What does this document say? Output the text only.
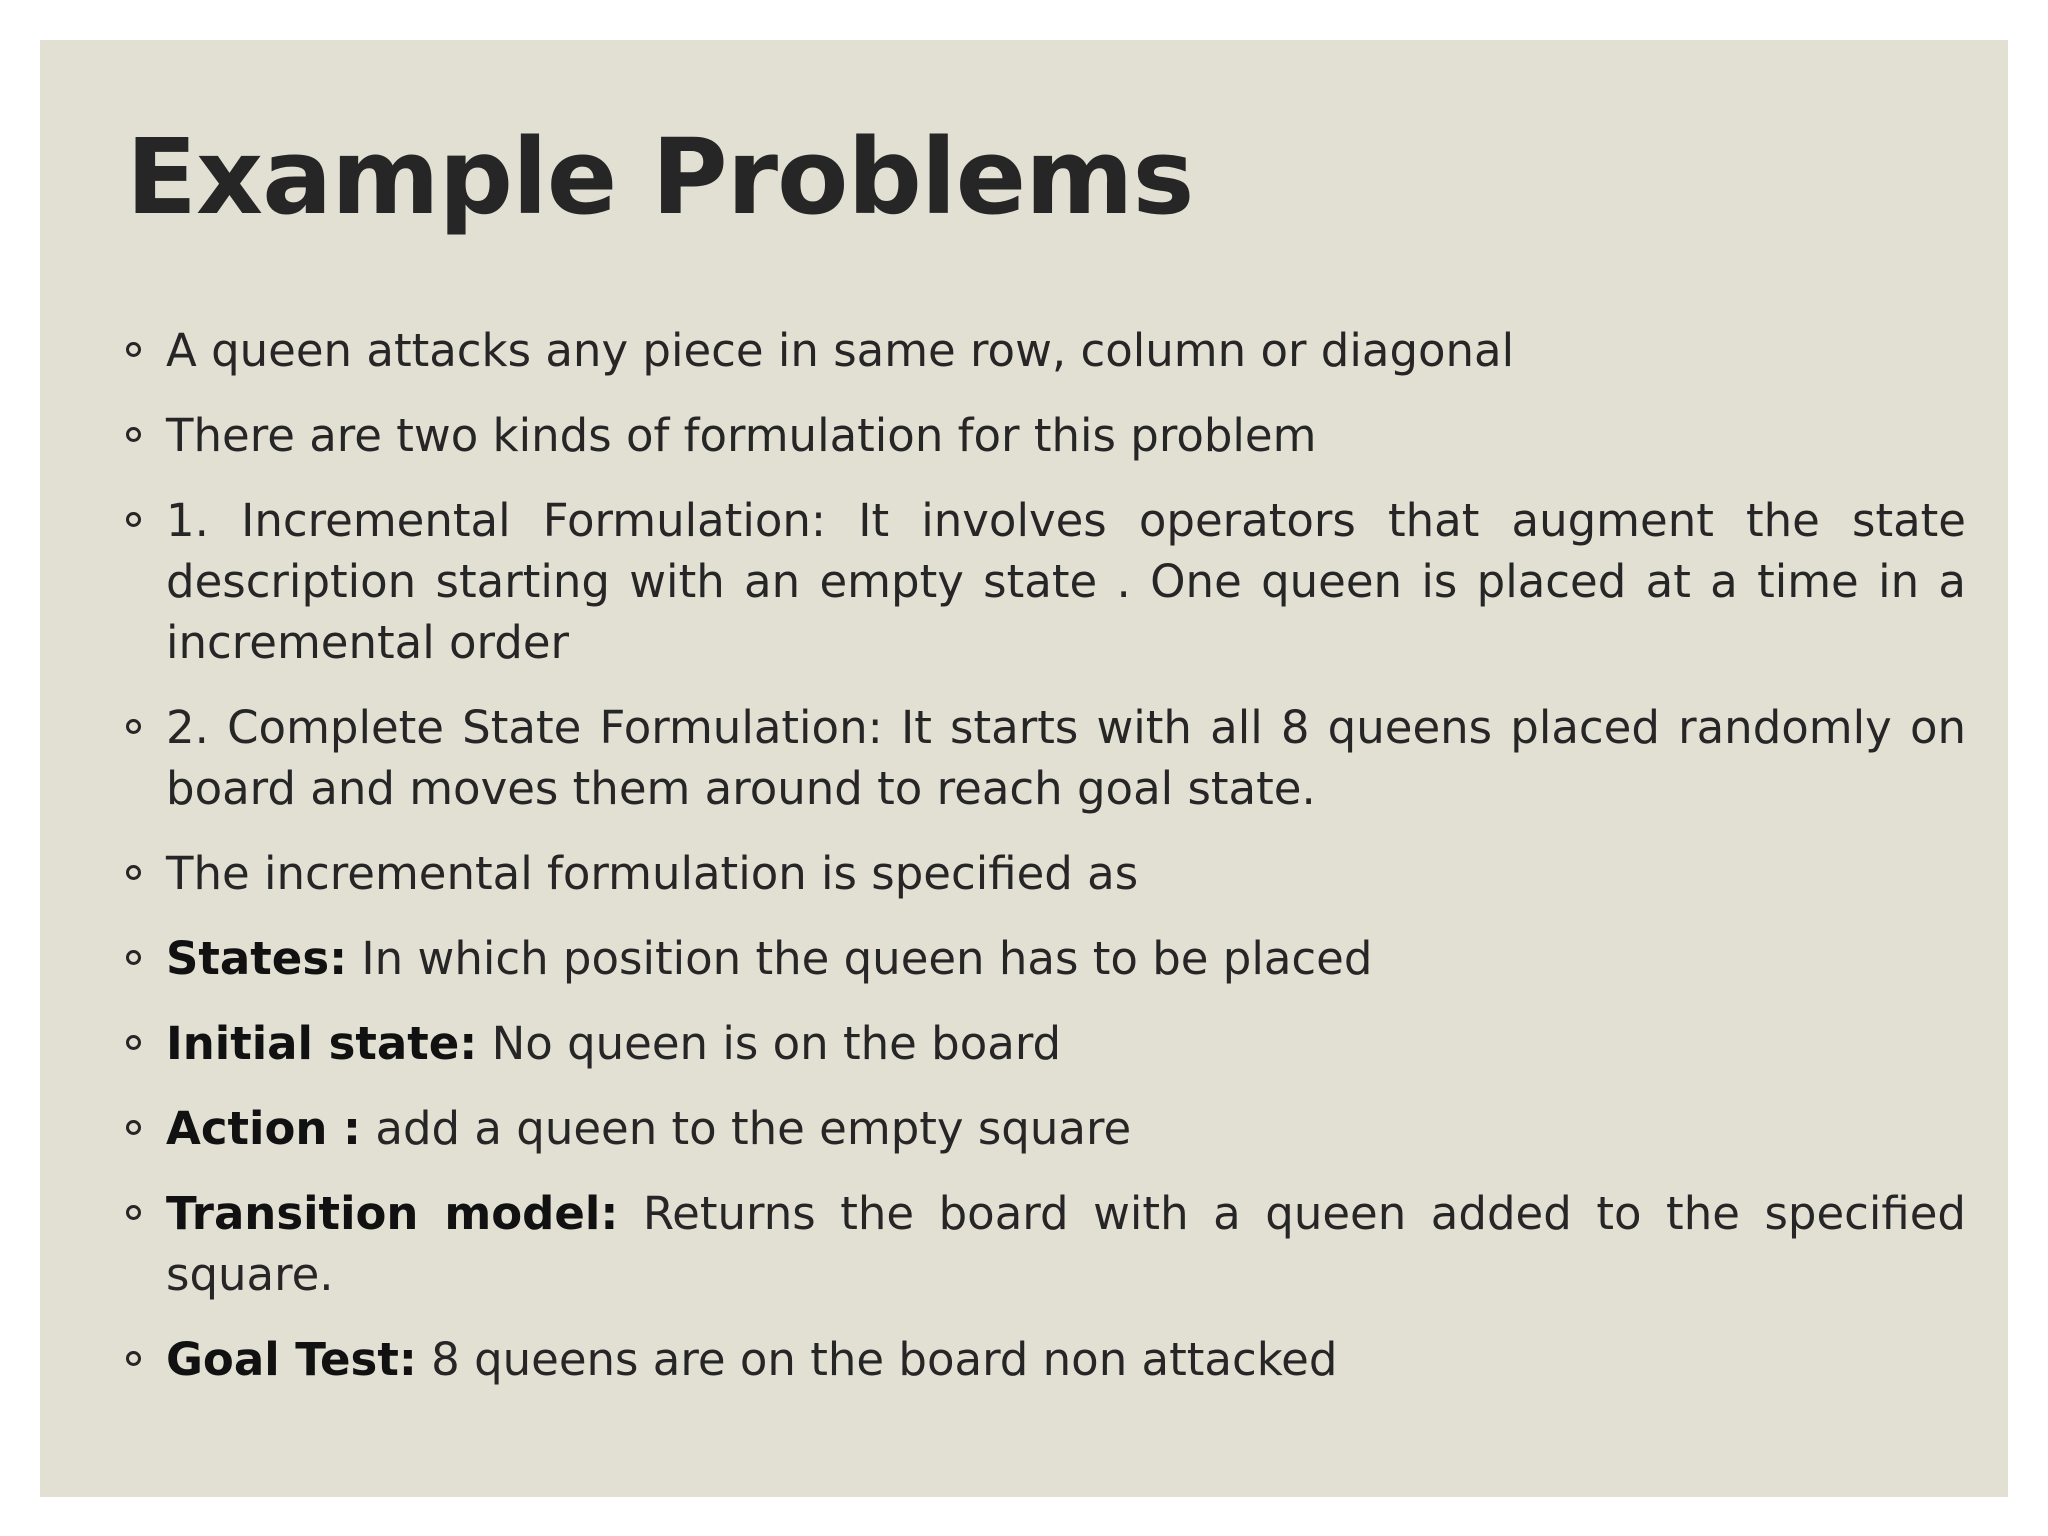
Example Problems
A queen attacks any piece in same row, column or diagonal
There are two kinds of formulation for this problem
1. Incremental Formulation: It involves operators that augment the state description starting with an empty state . One queen is placed at a time in a incremental order
2. Complete State Formulation: It starts with all 8 queens placed randomly on board and moves them around to reach goal state.
The incremental formulation is specified as
States: In which position the queen has to be placed
Initial state: No queen is on the board
Action : add a queen to the empty square
Transition model: Returns the board with a queen added to the specified square.
Goal Test: 8 queens are on the board non attacked
